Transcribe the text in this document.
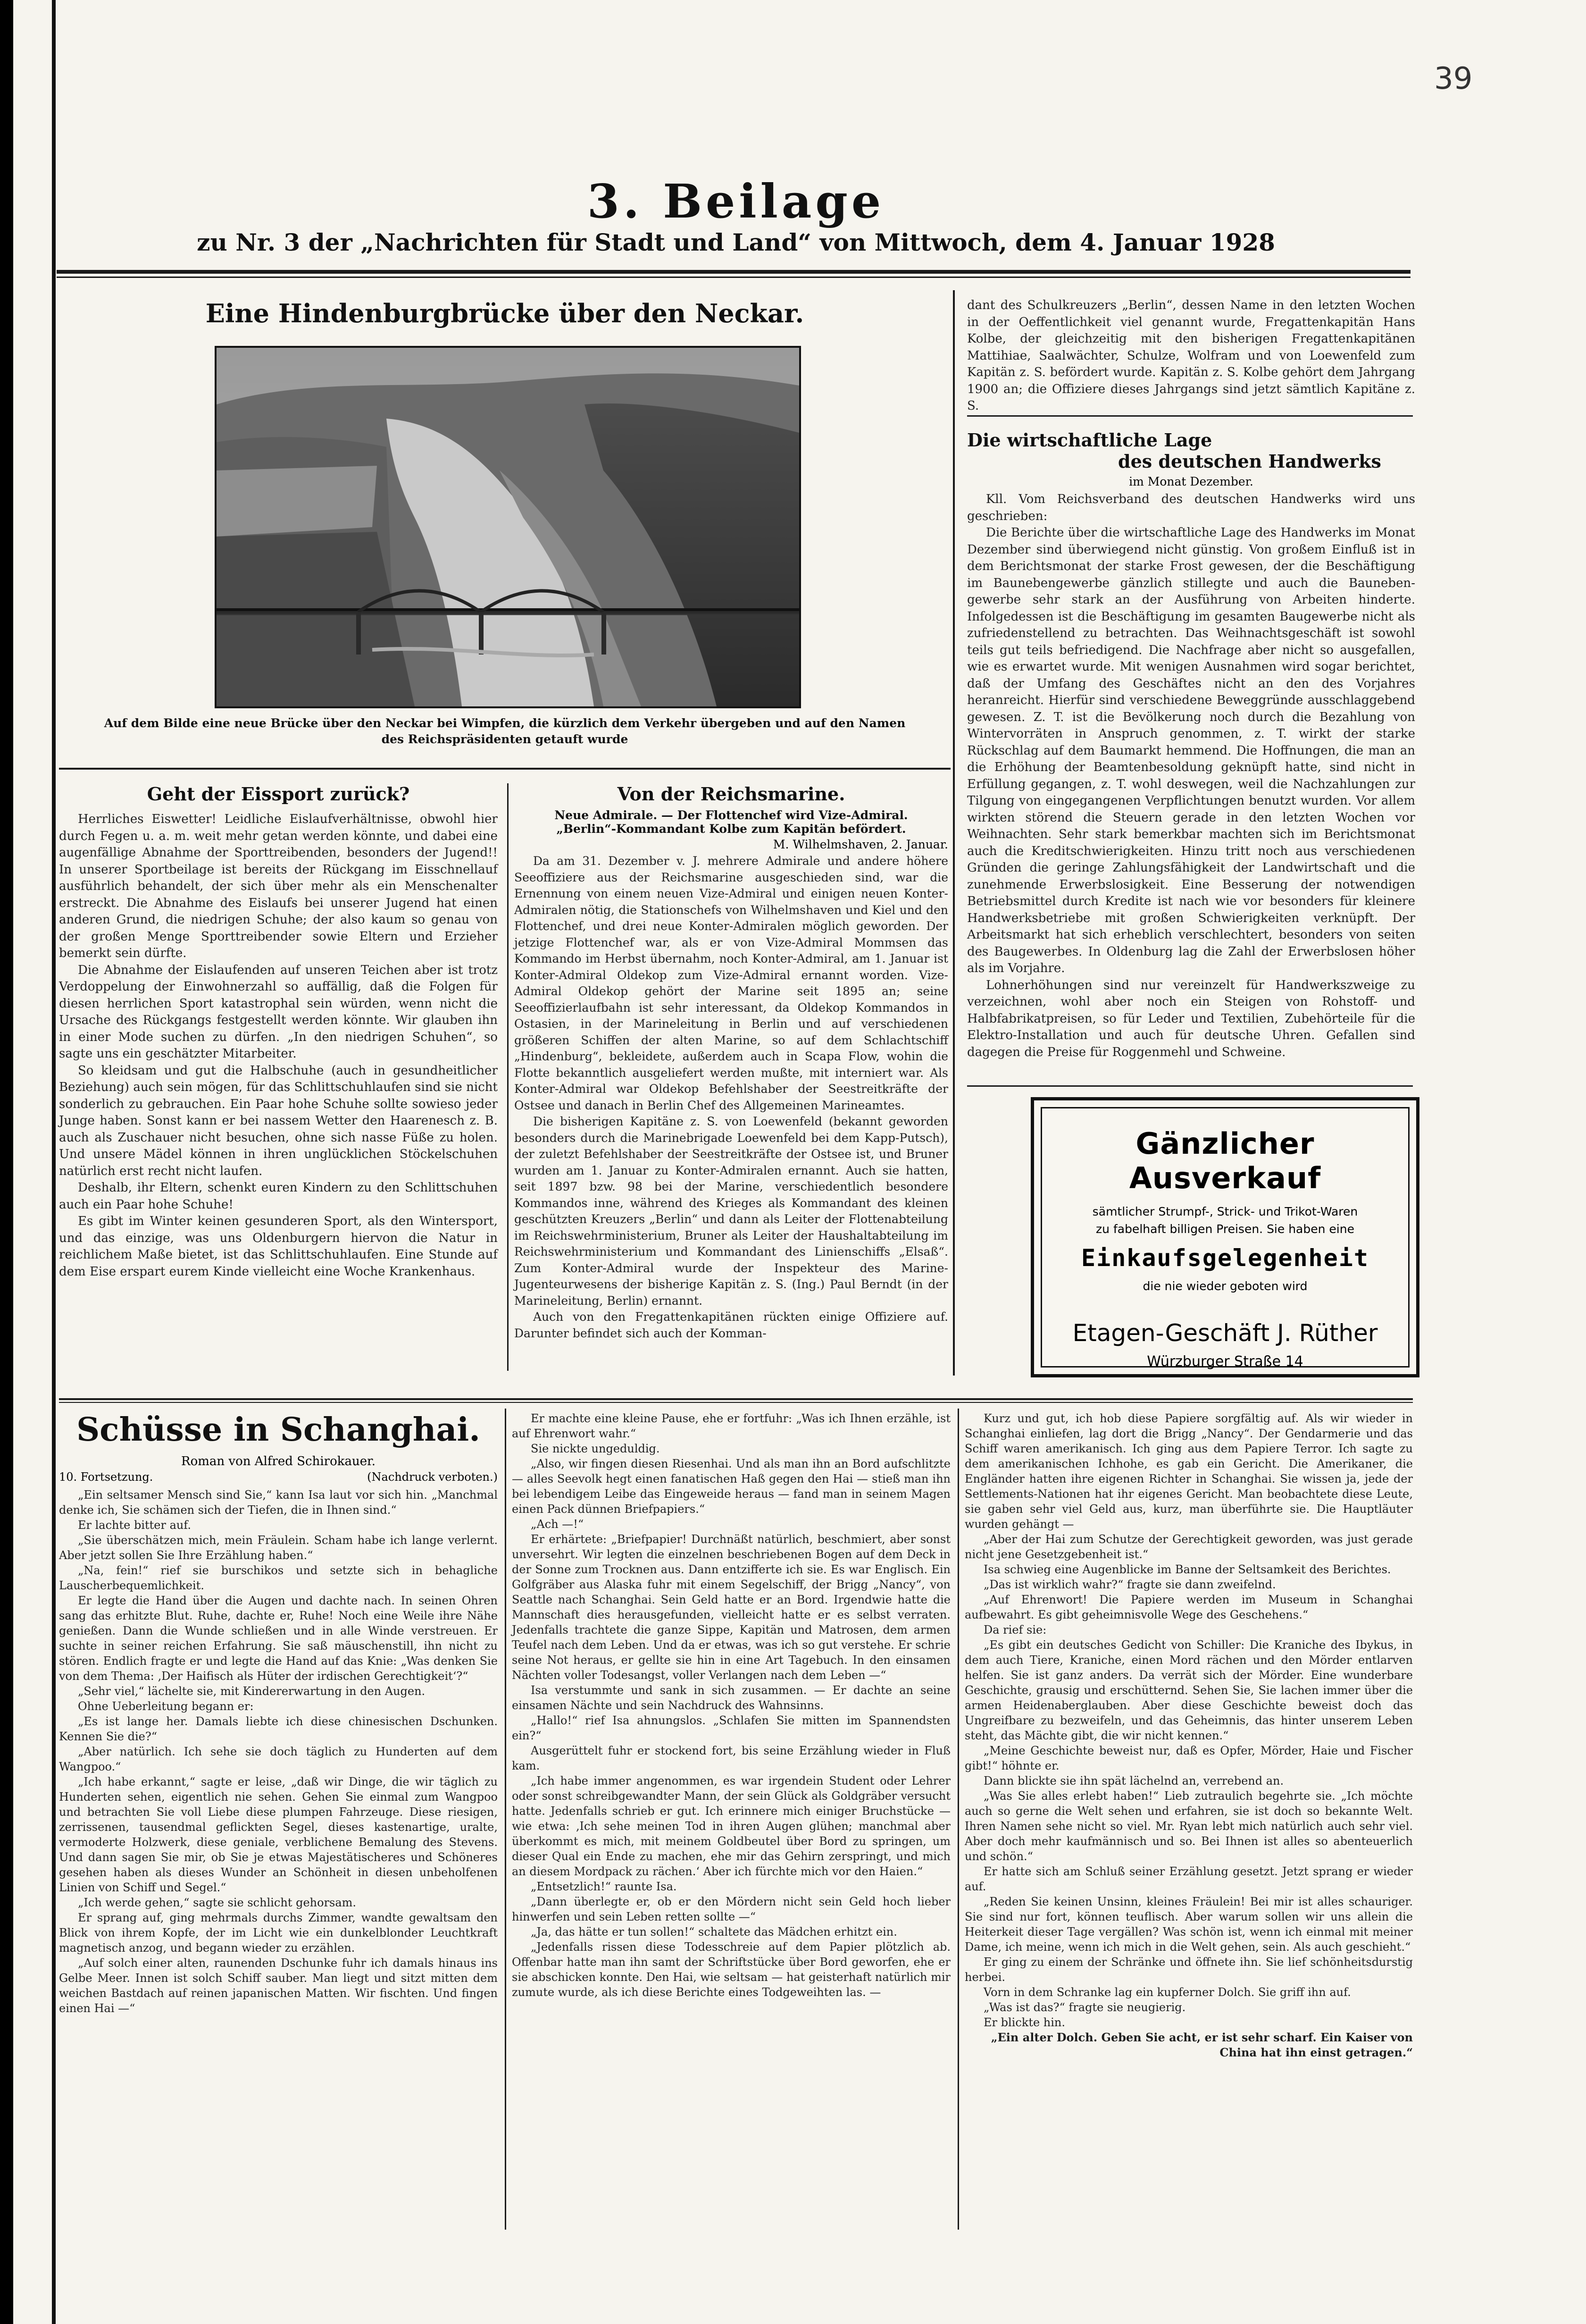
39
3. Beilage
zu Nr. 3 der „Nachrichten für Stadt und Land“ von Mittwoch, dem 4. Januar 1928
Eine Hindenburgbrücke über den Neckar.
Auf dem Bilde eine neue Brücke über den Neckar bei Wimpfen, die kürzlich dem Verkehr übergeben und auf den Namen
des Reichspräsidenten getauft wurde
dant des Schulkreuzers „Berlin“, dessen Name in den letzten Wochen in der Oeffentlichkeit viel genannt wurde, Fregattenkapitän Hans Kolbe, der gleichzeitig mit den bisherigen Fregattenkapitänen Mattihiae, Saalwächter, Schulze, Wolfram und von Loewenfeld zum Kapitän z. S. befördert wurde. Kapitän z. S. Kolbe gehört dem Jahrgang 1900 an; die Offiziere dieses Jahrgangs sind jetzt sämtlich Kapitäne z. S.
Die wirtschaftliche Lage
des deutschen Handwerks
im Monat Dezember.

Kll. Vom Reichsverband des deutschen Handwerks wird uns geschrieben:

Die Berichte über die wirtschaftliche Lage des Handwerks im Monat Dezember sind überwiegend nicht günstig. Von großem Einfluß ist in dem Berichtsmonat der starke Frost gewesen, der die Beschäftigung im Baunebengewerbe gänzlich stillegte und auch die Baunebengewerbe sehr stark an der Ausführung von Arbeiten hinderte. Infolgedessen ist die Beschäftigung im gesamten Baugewerbe nicht als zufriedenstellend zu betrachten. Das Weihnachtsgeschäft ist sowohl teils gut teils befriedigend. Die Nachfrage aber nicht so ausgefallen, wie es erwartet wurde. Mit wenigen Ausnahmen wird sogar berichtet, daß der Umfang des Geschäftes nicht an den des Vorjahres heranreicht. Hierfür sind verschiedene Beweggründe ausschlaggebend gewesen. Z. T. ist die Bevölkerung noch durch die Bezahlung von Wintervorräten in Anspruch genommen, z. T. wirkt der starke Rückschlag auf dem Baumarkt hemmend. Die Hoffnungen, die man an die Erhöhung der Beamtenbesoldung geknüpft hatte, sind nicht in Erfüllung gegangen, z. T. wohl deswegen, weil die Nachzahlungen zur Tilgung von eingegangenen Verpflichtungen benutzt wurden. Vor allem wirkten störend die Steuern gerade in den letzten Wochen vor Weihnachten. Sehr stark bemerkbar machten sich im Berichtsmonat auch die Kreditschwierigkeiten. Hinzu tritt noch aus verschiedenen Gründen die geringe Zahlungsfähigkeit der Landwirtschaft und die zunehmende Erwerbslosigkeit. Eine Besserung der notwendigen Betriebsmittel durch Kredite ist nach wie vor besonders für kleinere Handwerksbetriebe mit großen Schwierigkeiten verknüpft. Der Arbeitsmarkt hat sich erheblich verschlechtert, besonders von seiten des Baugewerbes. In Oldenburg lag die Zahl der Erwerbslosen höher als im Vorjahre.

Lohnerhöhungen sind nur vereinzelt für Handwerkszweige zu verzeichnen, wohl aber noch ein Steigen von Rohstoff- und Halbfabrikatpreisen, so für Leder und Textilien, Zubehörteile für die Elektro-Installation und auch für deutsche Uhren. Gefallen sind dagegen die Preise für Roggenmehl und Schweine.

Gänzlicher Ausverkauf
sämtlicher Strumpf-, Strick- und Trikot-Waren
zu fabelhaft billigen Preisen. Sie haben eine
Einkaufsgelegenheit
die nie wieder geboten wird
Etagen-Geschäft J. Rüther
Würzburger Straße 14
Geht der Eissport zurück?

Herrliches Eiswetter! Leidliche Eislaufverhältnisse, obwohl hier durch Fegen u. a. m. weit mehr getan werden könnte, und dabei eine augenfällige Abnahme der Sporttreibenden, besonders der Jugend!! In unserer Sportbeilage ist bereits der Rückgang im Eisschnellauf ausführlich behandelt, der sich über mehr als ein Menschenalter erstreckt. Die Abnahme des Eislaufs bei unserer Jugend hat einen anderen Grund, die niedrigen Schuhe; der also kaum so genau von der großen Menge Sporttreibender sowie Eltern und Erzieher bemerkt sein dürfte.

Die Abnahme der Eislaufenden auf unseren Teichen aber ist trotz Verdoppelung der Einwohnerzahl so auffällig, daß die Folgen für diesen herrlichen Sport katastrophal sein würden, wenn nicht die Ursache des Rückgangs festgestellt werden könnte. Wir glauben ihn in einer Mode suchen zu dürfen. „In den niedrigen Schuhen“, so sagte uns ein geschätzter Mitarbeiter.

So kleidsam und gut die Halbschuhe (auch in gesundheitlicher Beziehung) auch sein mögen, für das Schlittschuhlaufen sind sie nicht sonderlich zu gebrauchen. Ein Paar hohe Schuhe sollte sowieso jeder Junge haben. Sonst kann er bei nassem Wetter den Haarenesch z. B. auch als Zuschauer nicht besuchen, ohne sich nasse Füße zu holen. Und unsere Mädel können in ihren unglücklichen Stöckelschuhen natürlich erst recht nicht laufen.

Deshalb, ihr Eltern, schenkt euren Kindern zu den Schlittschuhen auch ein Paar hohe Schuhe!

Es gibt im Winter keinen gesunderen Sport, als den Wintersport, und das einzige, was uns Oldenburgern hiervon die Natur in reichlichem Maße bietet, ist das Schlittschuhlaufen. Eine Stunde auf dem Eise erspart eurem Kinde vielleicht eine Woche Krankenhaus.

Von der Reichsmarine.
Neue Admirale. — Der Flottenchef wird Vize-Admiral.
„Berlin“-Kommandant Kolbe zum Kapitän befördert.
M. Wilhelmshaven, 2. Januar.

Da am 31. Dezember v. J. mehrere Admirale und andere höhere Seeoffiziere aus der Reichsmarine ausgeschieden sind, war die Ernennung von einem neuen Vize-Admiral und einigen neuen Konter-Admiralen nötig, die Stationschefs von Wilhelmshaven und Kiel und den Flottenchef, und drei neue Konter-Admiralen möglich geworden. Der jetzige Flottenchef war, als er von Vize-Admiral Mommsen das Kommando im Herbst übernahm, noch Konter-Admiral, am 1. Januar ist Konter-Admiral Oldekop zum Vize-Admiral ernannt worden. Vize-Admiral Oldekop gehört der Marine seit 1895 an; seine Seeoffizierlaufbahn ist sehr interessant, da Oldekop Kommandos in Ostasien, in der Marineleitung in Berlin und auf verschiedenen größeren Schiffen der alten Marine, so auf dem Schlachtschiff „Hindenburg“, bekleidete, außerdem auch in Scapa Flow, wohin die Flotte bekanntlich ausgeliefert werden mußte, mit interniert war. Als Konter-Admiral war Oldekop Befehlshaber der Seestreitkräfte der Ostsee und danach in Berlin Chef des Allgemeinen Marineamtes.

Die bisherigen Kapitäne z. S. von Loewenfeld (bekannt geworden besonders durch die Marinebrigade Loewenfeld bei dem Kapp-Putsch), der zuletzt Befehlshaber der Seestreitkräfte der Ostsee ist, und Bruner wurden am 1. Januar zu Konter-Admiralen ernannt. Auch sie hatten, seit 1897 bzw. 98 bei der Marine, verschiedentlich besondere Kommandos inne, während des Krieges als Kommandant des kleinen geschützten Kreuzers „Berlin“ und dann als Leiter der Flottenabteilung im Reichswehrministerium, Bruner als Leiter der Haushaltabteilung im Reichswehrministerium und Kommandant des Linienschiffs „Elsaß“. Zum Konter-Admiral wurde der Inspekteur des Marine-Jugenteurwesens der bisherige Kapitän z. S. (Ing.) Paul Berndt (in der Marineleitung, Berlin) ernannt.

Auch von den Fregattenkapitänen rückten einige Offiziere auf. Darunter befindet sich auch der Komman-

Schüsse in Schanghai.
Roman von Alfred Schirokauer.
10. Fortsetzung.	(Nachdruck verboten.)

„Ein seltsamer Mensch sind Sie,“ kann Isa laut vor sich hin. „Manchmal denke ich, Sie schämen sich der Tiefen, die in Ihnen sind.“

Er lachte bitter auf.

„Sie überschätzen mich, mein Fräulein. Scham habe ich lange verlernt. Aber jetzt sollen Sie Ihre Erzählung haben.“

„Na, fein!“ rief sie burschikos und setzte sich in behagliche Lauscherbequemlichkeit.

Er legte die Hand über die Augen und dachte nach. In seinen Ohren sang das erhitzte Blut. Ruhe, dachte er, Ruhe! Noch eine Weile ihre Nähe genießen. Dann die Wunde schließen und in alle Winde verstreuen. Er suchte in seiner reichen Erfahrung. Sie saß mäuschenstill, ihn nicht zu stören. Endlich fragte er und legte die Hand auf das Knie: „Was denken Sie von dem Thema: ‚Der Haifisch als Hüter der irdischen Gerechtigkeit‘?“

„Sehr viel,“ lächelte sie, mit Kindererwartung in den Augen.

Ohne Ueberleitung begann er:

„Es ist lange her. Damals liebte ich diese chinesischen Dschunken. Kennen Sie die?“

„Aber natürlich. Ich sehe sie doch täglich zu Hunderten auf dem Wangpoo.“

„Ich habe erkannt,“ sagte er leise, „daß wir Dinge, die wir täglich zu Hunderten sehen, eigentlich nie sehen. Gehen Sie einmal zum Wangpoo und betrachten Sie voll Liebe diese plumpen Fahrzeuge. Diese riesigen, zerrissenen, tausendmal geflickten Segel, dieses kastenartige, uralte, vermoderte Holzwerk, diese geniale, verblichene Bemalung des Stevens. Und dann sagen Sie mir, ob Sie je etwas Majestätischeres und Schöneres gesehen haben als dieses Wunder an Schönheit in diesen unbeholfenen Linien von Schiff und Segel.“

„Ich werde gehen,“ sagte sie schlicht gehorsam.

Er sprang auf, ging mehrmals durchs Zimmer, wandte gewaltsam den Blick von ihrem Kopfe, der im Licht wie ein dunkelblonder Leuchtkraft magnetisch anzog, und begann wieder zu erzählen.

„Auf solch einer alten, raunenden Dschunke fuhr ich damals hinaus ins Gelbe Meer. Innen ist solch Schiff sauber. Man liegt und sitzt mitten dem weichen Bastdach auf reinen japanischen Matten. Wir fischten. Und fingen einen Hai —“

Er machte eine kleine Pause, ehe er fortfuhr: „Was ich Ihnen erzähle, ist auf Ehrenwort wahr.“

Sie nickte ungeduldig.

„Also, wir fingen diesen Riesenhai. Und als man ihn an Bord aufschlitzte — alles Seevolk hegt einen fanatischen Haß gegen den Hai — stieß man ihn bei lebendigem Leibe das Eingeweide heraus — fand man in seinem Magen einen Pack dünnen Briefpapiers.“

„Ach —!“

Er erhärtete: „Briefpapier! Durchnäßt natürlich, beschmiert, aber sonst unversehrt. Wir legten die einzelnen beschriebenen Bogen auf dem Deck in der Sonne zum Trocknen aus. Dann entzifferte ich sie. Es war Englisch. Ein Golfgräber aus Alaska fuhr mit einem Segelschiff, der Brigg „Nancy“, von Seattle nach Schanghai. Sein Geld hatte er an Bord. Irgendwie hatte die Mannschaft dies herausgefunden, vielleicht hatte er es selbst verraten. Jedenfalls trachtete die ganze Sippe, Kapitän und Matrosen, dem armen Teufel nach dem Leben. Und da er etwas, was ich so gut verstehe. Er schrie seine Not heraus, er gellte sie hin in eine Art Tagebuch. In den einsamen Nächten voller Todesangst, voller Verlangen nach dem Leben —“

Isa verstummte und sank in sich zusammen. — Er dachte an seine einsamen Nächte und sein Nachdruck des Wahnsinns.

„Hallo!“ rief Isa ahnungslos. „Schlafen Sie mitten im Spannendsten ein?“

Ausgerüttelt fuhr er stockend fort, bis seine Erzählung wieder in Fluß kam.

„Ich habe immer angenommen, es war irgendein Student oder Lehrer oder sonst schreibgewandter Mann, der sein Glück als Goldgräber versucht hatte. Jedenfalls schrieb er gut. Ich erinnere mich einiger Bruchstücke — wie etwa: ‚Ich sehe meinen Tod in ihren Augen glühen; manchmal aber überkommt es mich, mit meinem Goldbeutel über Bord zu springen, um dieser Qual ein Ende zu machen, ehe mir das Gehirn zerspringt, und mich an diesem Mordpack zu rächen.‘ Aber ich fürchte mich vor den Haien.“

„Entsetzlich!“ raunte Isa.

„Dann überlegte er, ob er den Mördern nicht sein Geld hoch lieber hinwerfen und sein Leben retten sollte —“

„Ja, das hätte er tun sollen!“ schaltete das Mädchen erhitzt ein.

„Jedenfalls rissen diese Todesschreie auf dem Papier plötzlich ab. Offenbar hatte man ihn samt der Schriftstücke über Bord geworfen, ehe er sie abschicken konnte. Den Hai, wie seltsam — hat geisterhaft natürlich mir zumute wurde, als ich diese Berichte eines Todgeweihten las. —

Kurz und gut, ich hob diese Papiere sorgfältig auf. Als wir wieder in Schanghai einliefen, lag dort die Brigg „Nancy“. Der Gendarmerie und das Schiff waren amerikanisch. Ich ging aus dem Papiere Terror. Ich sagte zu dem amerikanischen Ichhohe, es gab ein Gericht. Die Amerikaner, die Engländer hatten ihre eigenen Richter in Schanghai. Sie wissen ja, jede der Settlements-Nationen hat ihr eigenes Gericht. Man beobachtete diese Leute, sie gaben sehr viel Geld aus, kurz, man überführte sie. Die Hauptläuter wurden gehängt —

„Aber der Hai zum Schutze der Gerechtigkeit geworden, was just gerade nicht jene Gesetzgebenheit ist.“

Isa schwieg eine Augenblicke im Banne der Seltsamkeit des Berichtes.

„Das ist wirklich wahr?“ fragte sie dann zweifelnd.

„Auf Ehrenwort! Die Papiere werden im Museum in Schanghai aufbewahrt. Es gibt geheimnisvolle Wege des Geschehens.“

Da rief sie:

„Es gibt ein deutsches Gedicht von Schiller: Die Kraniche des Ibykus, in dem auch Tiere, Kraniche, einen Mord rächen und den Mörder entlarven helfen. Sie ist ganz anders. Da verrät sich der Mörder. Eine wunderbare Geschichte, grausig und erschütternd. Sehen Sie, Sie lachen immer über die armen Heidenaberglauben. Aber diese Geschichte beweist doch das Ungreifbare zu bezweifeln, und das Geheimnis, das hinter unserem Leben steht, das Mächte gibt, die wir nicht kennen.“

„Meine Geschichte beweist nur, daß es Opfer, Mörder, Haie und Fischer gibt!“ höhnte er.

Dann blickte sie ihn spät lächelnd an, verrebend an.

„Was Sie alles erlebt haben!“ Lieb zutraulich begehrte sie. „Ich möchte auch so gerne die Welt sehen und erfahren, sie ist doch so bekannte Welt. Ihren Namen sehe nicht so viel. Mr. Ryan lebt mich natürlich auch sehr viel. Aber doch mehr kaufmännisch und so. Bei Ihnen ist alles so abenteuerlich und schön.“

Er hatte sich am Schluß seiner Erzählung gesetzt. Jetzt sprang er wieder auf.

„Reden Sie keinen Unsinn, kleines Fräulein! Bei mir ist alles schauriger. Sie sind nur fort, können teuflisch. Aber warum sollen wir uns allein die Heiterkeit dieser Tage vergällen? Was schön ist, wenn ich einmal mit meiner Dame, ich meine, wenn ich mich in die Welt gehen, sein. Als auch geschieht.“

Er ging zu einem der Schränke und öffnete ihn. Sie lief schönheitsdurstig herbei.

Vorn in dem Schranke lag ein kupferner Dolch. Sie griff ihn auf.

„Was ist das?“ fragte sie neugierig.

Er blickte hin.

„Ein alter Dolch. Geben Sie acht, er ist sehr scharf. Ein Kaiser von China hat ihn einst getragen.“
